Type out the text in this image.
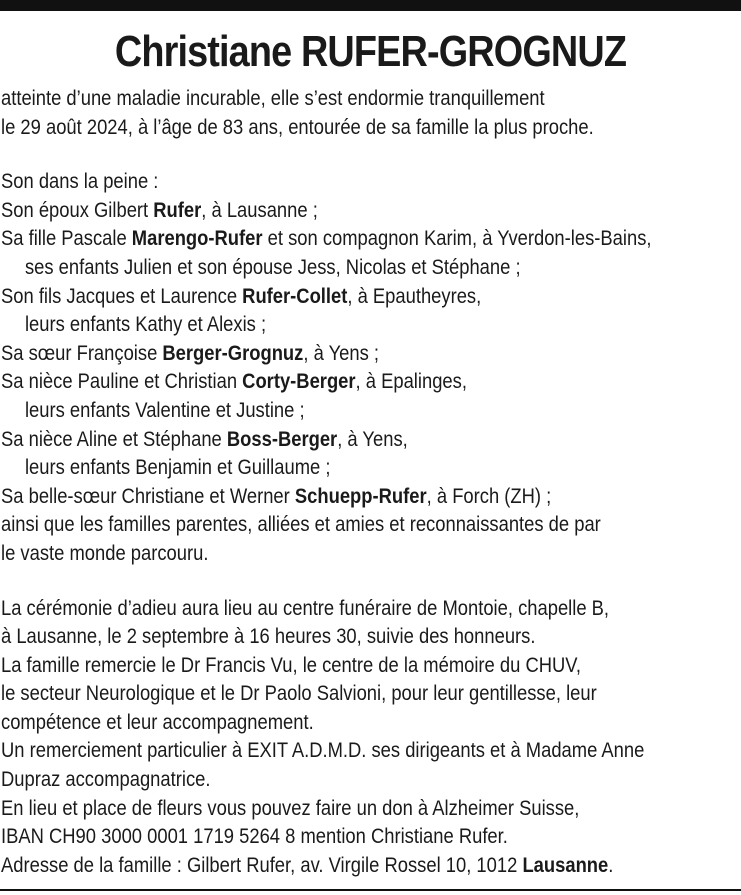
Christiane RUFER-GROGNUZ
atteinte d’une maladie incurable, elle s’est endormie tranquillement
le 29 août 2024, à l’âge de 83 ans, entourée de sa famille la plus proche.
Son dans la peine :
Son époux Gilbert Rufer, à Lausanne ;
Sa fille Pascale Marengo-Rufer et son compagnon Karim, à Yverdon-les-Bains,
ses enfants Julien et son épouse Jess, Nicolas et Stéphane ;
Son fils Jacques et Laurence Rufer-Collet, à Epautheyres,
leurs enfants Kathy et Alexis ;
Sa sœur Françoise Berger-Grognuz, à Yens ;
Sa nièce Pauline et Christian Corty-Berger, à Epalinges,
leurs enfants Valentine et Justine ;
Sa nièce Aline et Stéphane Boss-Berger, à Yens,
leurs enfants Benjamin et Guillaume ;
Sa belle-sœur Christiane et Werner Schuepp-Rufer, à Forch (ZH) ;
ainsi que les familles parentes, alliées et amies et reconnaissantes de par
le vaste monde parcouru.
La cérémonie d’adieu aura lieu au centre funéraire de Montoie, chapelle B,
à Lausanne, le 2 septembre à 16 heures 30, suivie des honneurs.
La famille remercie le Dr Francis Vu, le centre de la mémoire du CHUV,
le secteur Neurologique et le Dr Paolo Salvioni, pour leur gentillesse, leur
compétence et leur accompagnement.
Un remerciement particulier à EXIT A.D.M.D. ses dirigeants et à Madame Anne
Dupraz accompagnatrice.
En lieu et place de fleurs vous pouvez faire un don à Alzheimer Suisse,
IBAN CH90 3000 0001 1719 5264 8 mention Christiane Rufer.
Adresse de la famille : Gilbert Rufer, av. Virgile Rossel 10, 1012 Lausanne.
